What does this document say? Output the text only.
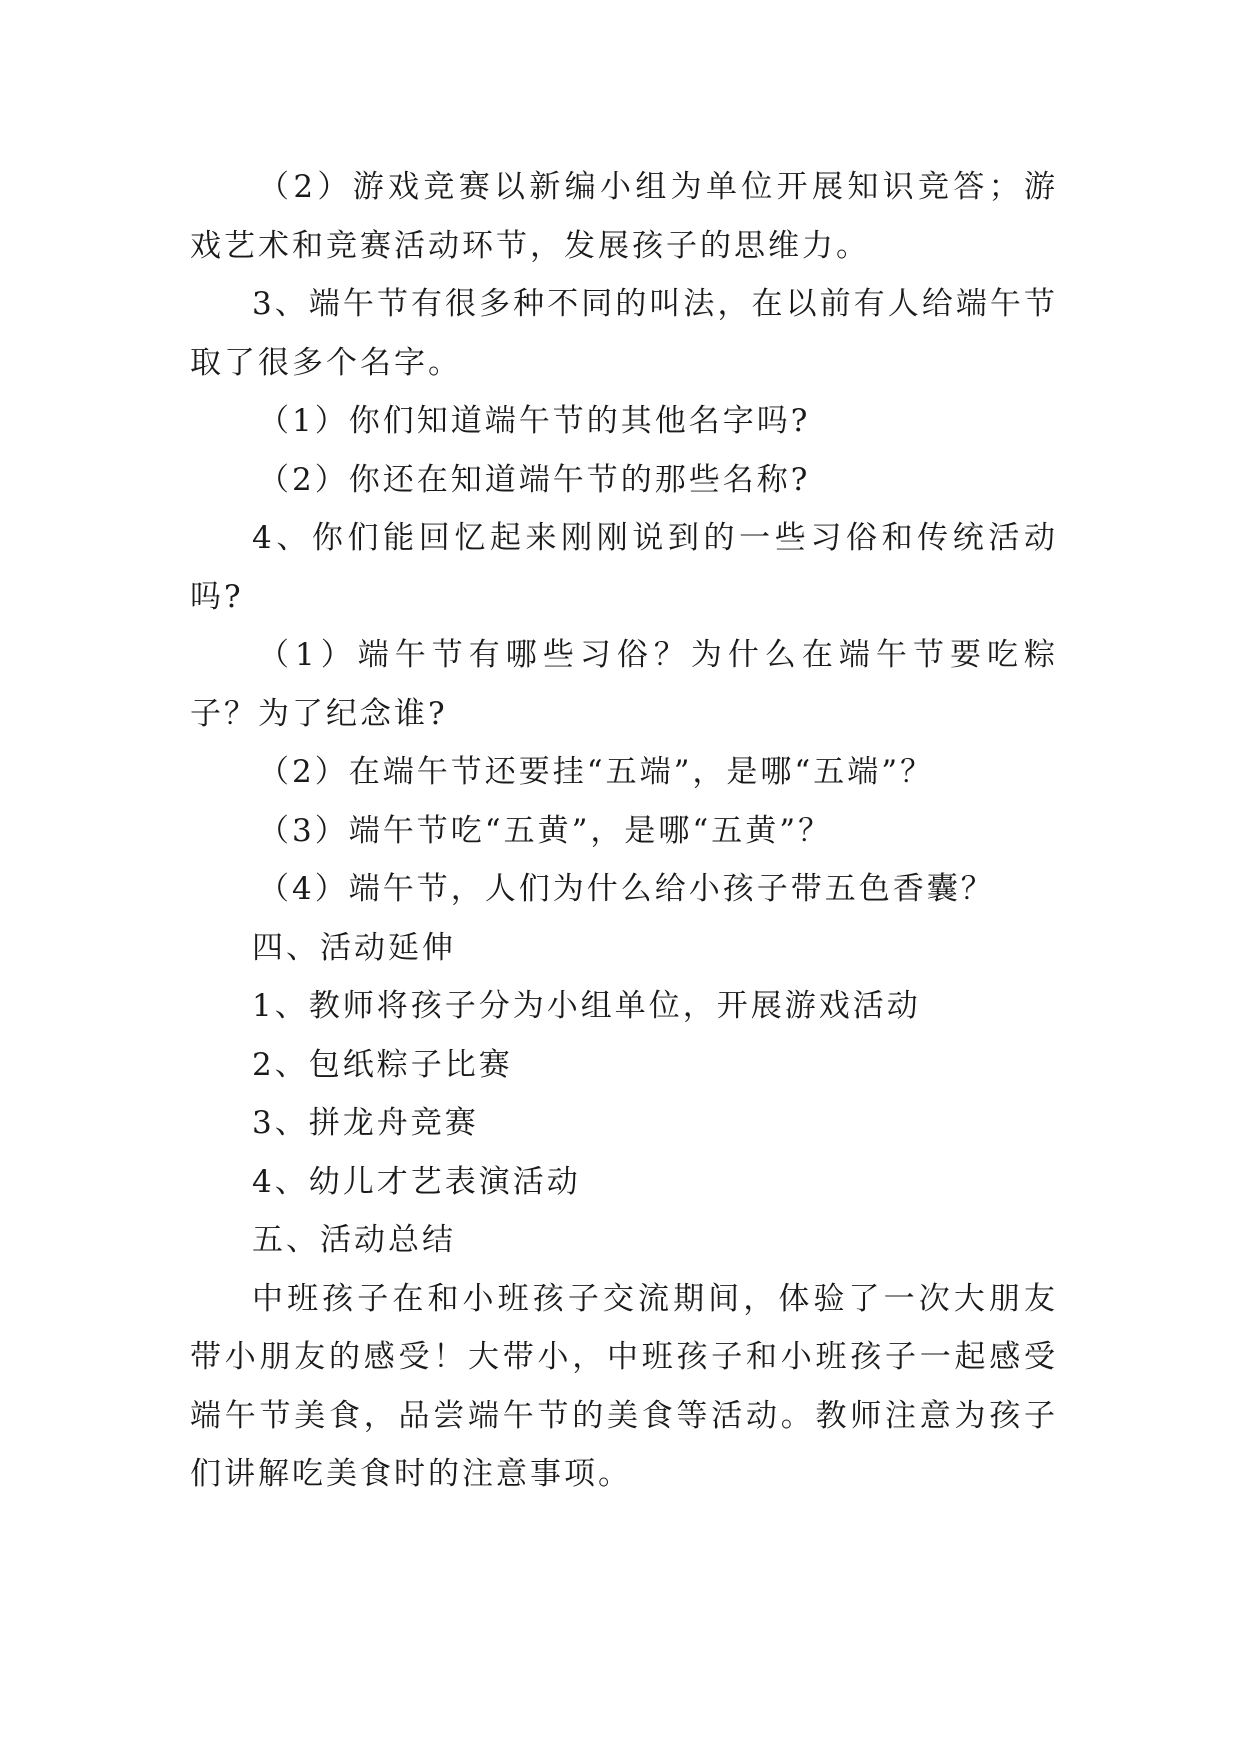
（2）游戏竞赛以新编小组为单位开展知识竞答；游戏艺术和竞赛活动环节，发展孩子的思维力。

3、端午节有很多种不同的叫法，在以前有人给端午节取了很多个名字。

（1）你们知道端午节的其他名字吗?

（2）你还在知道端午节的那些名称?

4、你们能回忆起来刚刚说到的一些习俗和传统活动吗?

（1）端午节有哪些习俗？为什么在端午节要吃粽子？为了纪念谁?

（2）在端午节还要挂“五端”，是哪“五端”？

（3）端午节吃“五黄”，是哪“五黄”？

（4）端午节，人们为什么给小孩子带五色香囊？

四、活动延伸

1、教师将孩子分为小组单位，开展游戏活动

2、包纸粽子比赛

3、拼龙舟竞赛

4、幼儿才艺表演活动

五、活动总结

中班孩子在和小班孩子交流期间，体验了一次大朋友带小朋友的感受！大带小，中班孩子和小班孩子一起感受端午节美食，品尝端午节的美食等活动。教师注意为孩子们讲解吃美食时的注意事项。
